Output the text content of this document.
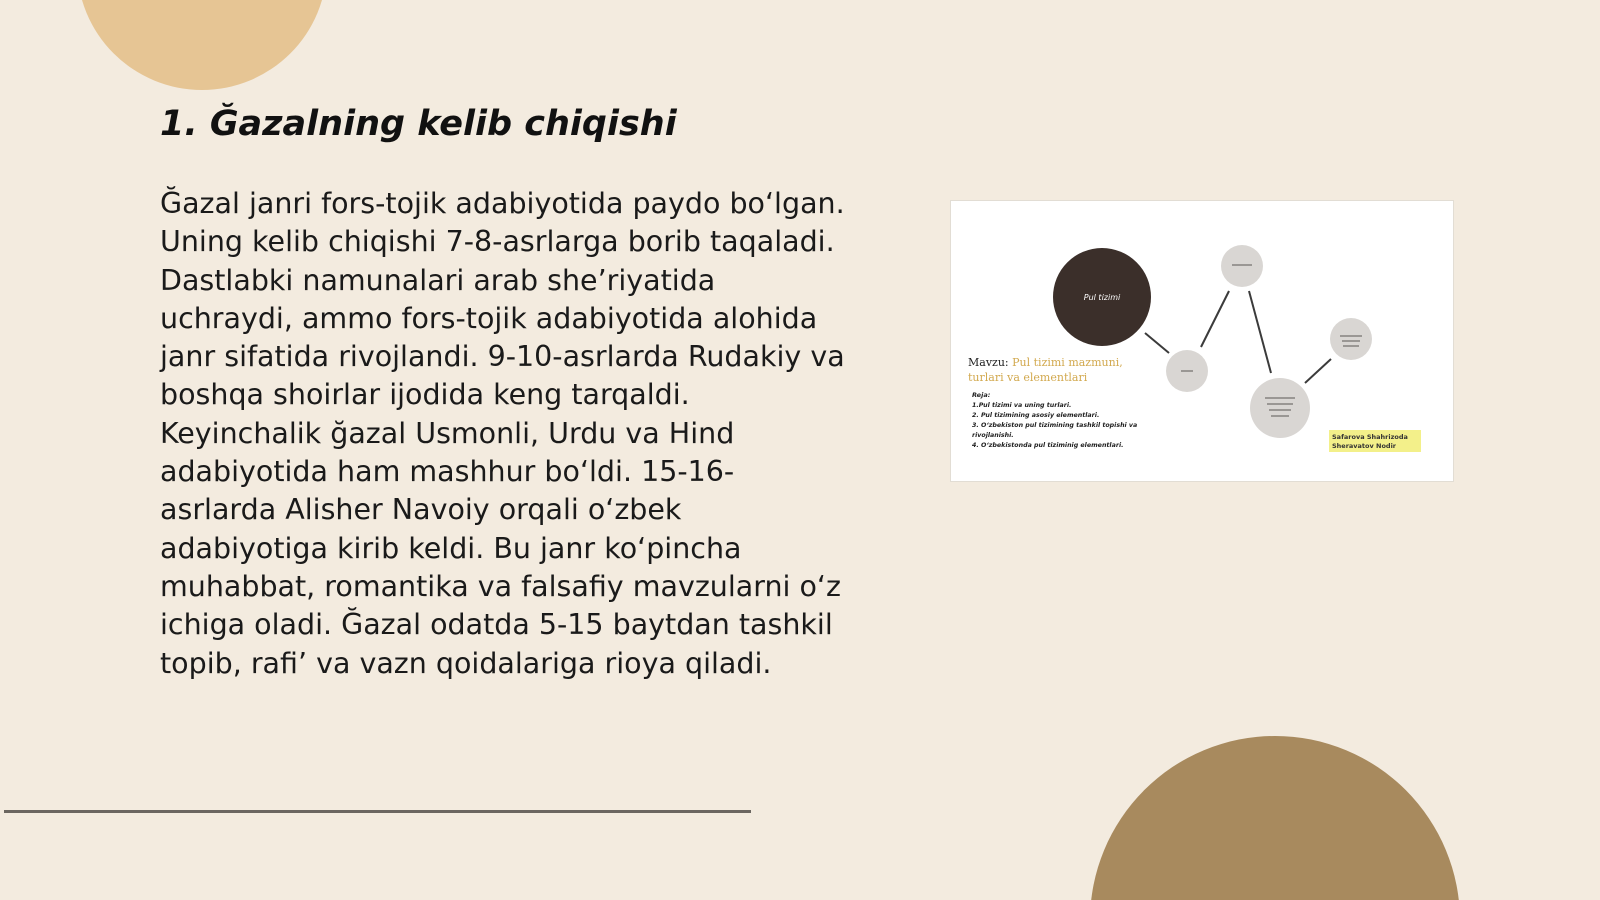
1. Ğazalning kelib chiqishi

Ğazal janri fors-tojik adabiyotida paydo bo‘lgan. Uning kelib chiqishi 7-8-asrlarga borib taqaladi. Dastlabki namunalari arab she’riyatida uchraydi, ammo fors-tojik adabiyotida alohida janr sifatida rivojlandi. 9-10-asrlarda Rudakiy va boshqa shoirlar ijodida keng tarqaldi. Keyinchalik ğazal Usmonli, Urdu va Hind adabiyotida ham mashhur bo‘ldi. 15-16-asrlarda Alisher Navoiy orqali o‘zbek adabiyotiga kirib keldi. Bu janr ko‘pincha muhabbat, romantika va falsafiy mavzularni o‘z ichiga oladi. Ğazal odatda 5-15 baytdan tashkil topib, rafi’ va vazn qoidalariga rioya qiladi.

Pul tizimi
Mavzu: Pul tizimi mazmuni,
turlari va elementlari
Reja:
1.Pul tizimi va uning turlari.
2. Pul tizimining asosiy elementlari.
3. O‘zbekiston pul tizimining tashkil topishi va
rivojlanishi.
4. O‘zbekistonda pul tiziminig elementlari.
Safarova Shahrizoda
Sheravatov Nodir
